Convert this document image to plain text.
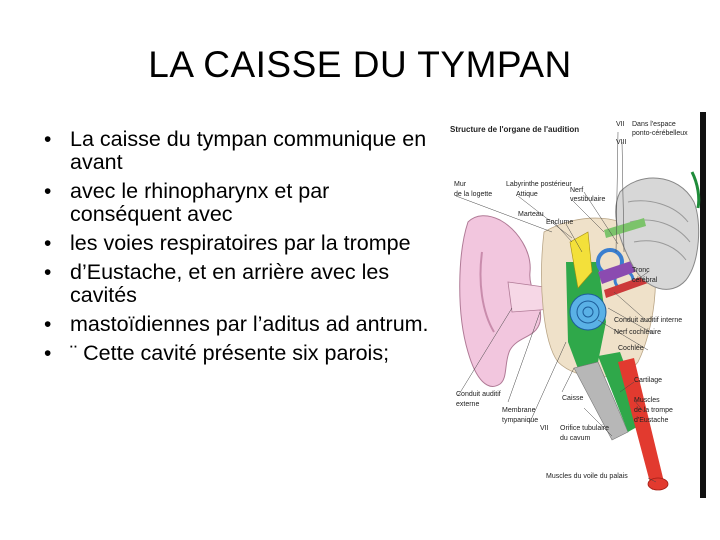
LA CAISSE DU TYMPAN
• La caisse du tympan communique en avant
• avec le rhinopharynx et par conséquent avec
• les voies respiratoires par la trompe
• d’Eustache, et en arrière avec les cavités
• mastoïdiennes par l’aditus ad antrum.
• ¨ Cette cavité présente six parois;
Structure de l'organe de l'audition
VII
VIII
Dans l'espace
ponto-cérébelleux
Mur
de la logette
Labyrinthe postérieur
Attique
Nerf
vestibulaire
Marteau
Enclume
Tronc
cérébral
Conduit auditif interne
Nerf cochléaire
Cochlée
Conduit auditif
externe
Membrane
tympanique
Caisse
Cartilage
Muscles
de la trompe
d'Eustache
Orifice tubulaire
du cavum
VII
Muscles du voile du palais
